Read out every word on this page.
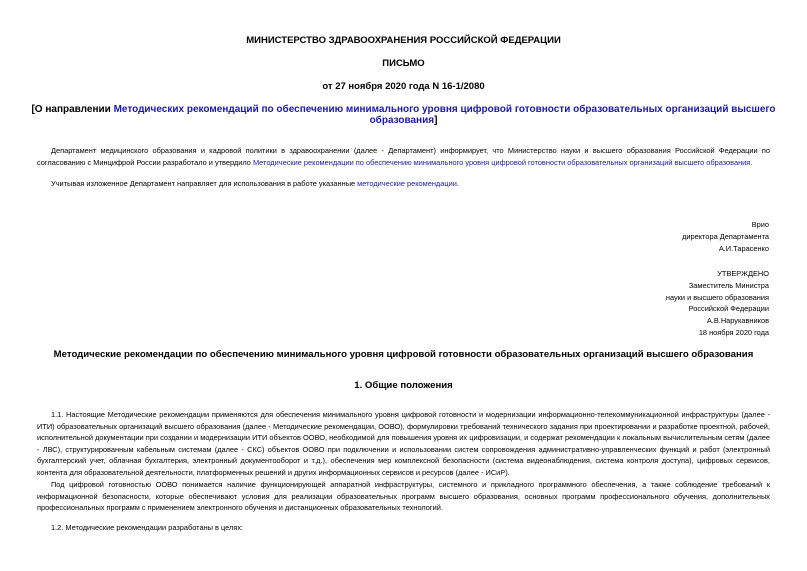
МИНИСТЕРСТВО ЗДРАВООХРАНЕНИЯ РОССИЙСКОЙ ФЕДЕРАЦИИ
ПИСЬМО
от 27 ноября 2020 года N 16-1/2080
[О направлении Методических рекомендаций по обеспечению минимального уровня цифровой готовности образовательных организаций высшего образования]

Департамент медицинского образования и кадровой политики в здравоохранении (далее - Департамент) информирует, что Министерство науки и высшего образования Российской Федерации по согласованию с Минцифрой России разработало и утвердило Методические рекомендации по обеспечению минимального уровня цифровой готовности образовательных организаций высшего образования.

Учитывая изложенное Департамент направляет для использования в работе указанные методические рекомендации.

Врио
директора Департамента
А.И.Тарасенко
УТВЕРЖДЕНО
Заместитель Министра
науки и высшего образования
Российской Федерации
А.В.Нарукавников
18 ноября 2020 года
Методические рекомендации по обеспечению минимального уровня цифровой готовности образовательных организаций высшего образования
1. Общие положения

1.1. Настоящие Методические рекомендации применяются для обеспечения минимального уровня цифровой готовности и модернизации информационно-телекоммуникационной инфраструктуры (далее - ИТИ) образовательных организаций высшего образования (далее - Методические рекомендации, ООВО), формулировки требований технического задания при проектировании и разработке проектной, рабочей, исполнительной документации при создании и модернизации ИТИ объектов ООВО, необходимой для повышения уровня их цифровизации, и содержат рекомендации к локальным вычислительным сетям (далее - ЛВС), структурированным кабельным системам (далее - СКС) объектов ООВО при подключении и использовании систем сопровождения административно-управленческих функций и работ (электронный бухгалтерский учет, облачная бухгалтерия, электронный документооборот и т.д.), обеспечения мер комплексной безопасности (система видеонаблюдения, система контроля доступа), цифровых сервисов, контента для образовательной деятельности, платформенных решений и других информационных сервисов и ресурсов (далее - ИСиР).

Под цифровой готовностью ООВО понимается наличие функционирующей аппаратной инфраструктуры, системного и прикладного программного обеспечения, а также соблюдение требований к информационной безопасности, которые обеспечивают условия для реализации образовательных программ высшего образования, основных программ профессионального обучения, дополнительных профессиональных программ с применением электронного обучения и дистанционных образовательных технологий.

1.2. Методические рекомендации разработаны в целях:
